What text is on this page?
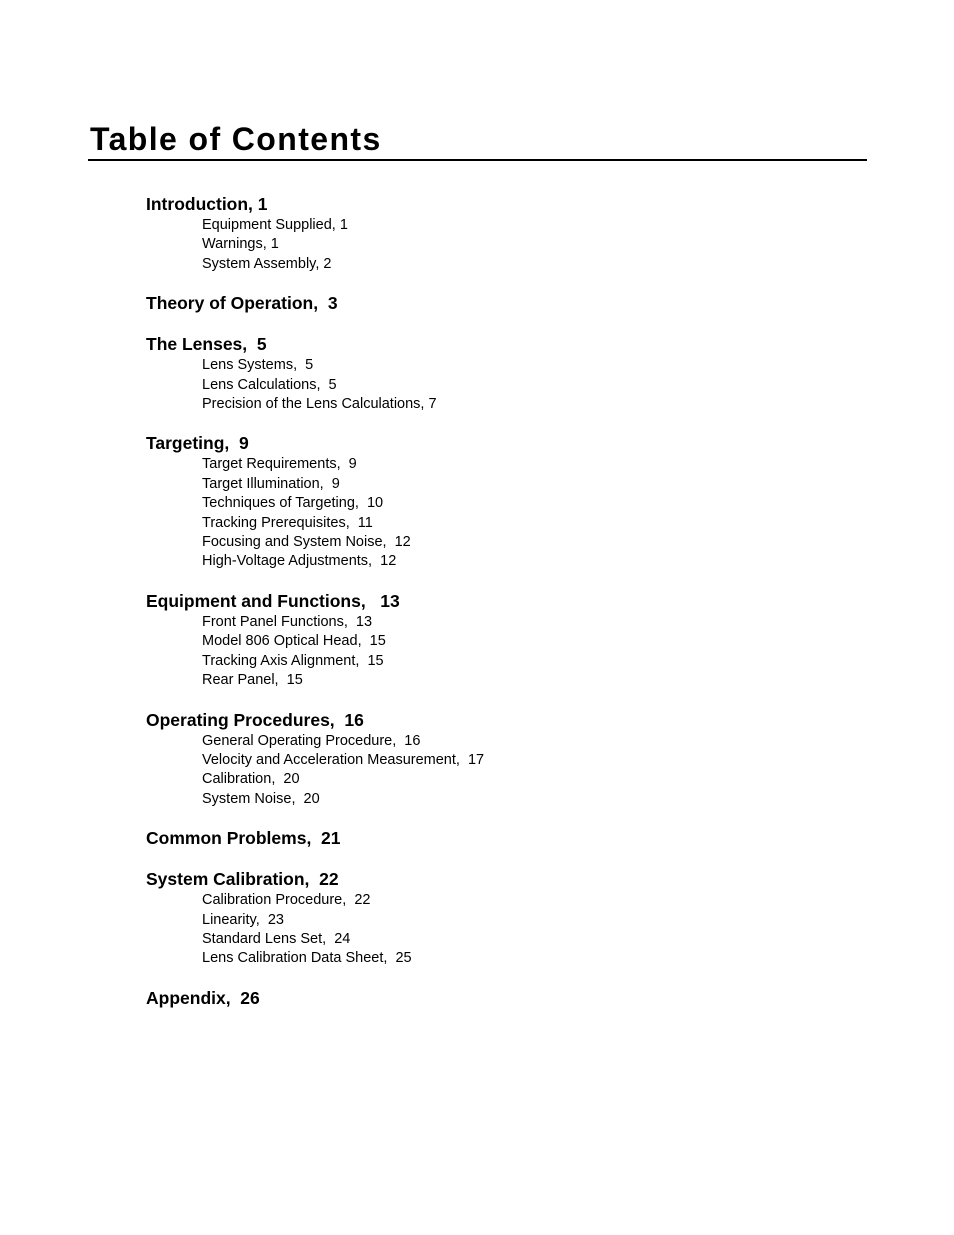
Table of Contents
Introduction, 1
Equipment Supplied, 1
Warnings, 1
System Assembly, 2
Theory of Operation,  3
The Lenses,  5
Lens Systems,  5
Lens Calculations,  5
Precision of the Lens Calculations, 7
Targeting,  9
Target Requirements,  9
Target Illumination,  9
Techniques of Targeting,  10
Tracking Prerequisites,  11
Focusing and System Noise,  12
High-Voltage Adjustments,  12
Equipment and Functions,   13
Front Panel Functions,  13
Model 806 Optical Head,  15
Tracking Axis Alignment,  15
Rear Panel,  15
Operating Procedures,  16
General Operating Procedure,  16
Velocity and Acceleration Measurement,  17
Calibration,  20
System Noise,  20
Common Problems,  21
System Calibration,  22
Calibration Procedure,  22
Linearity,  23
Standard Lens Set,  24
Lens Calibration Data Sheet,  25
Appendix,  26
